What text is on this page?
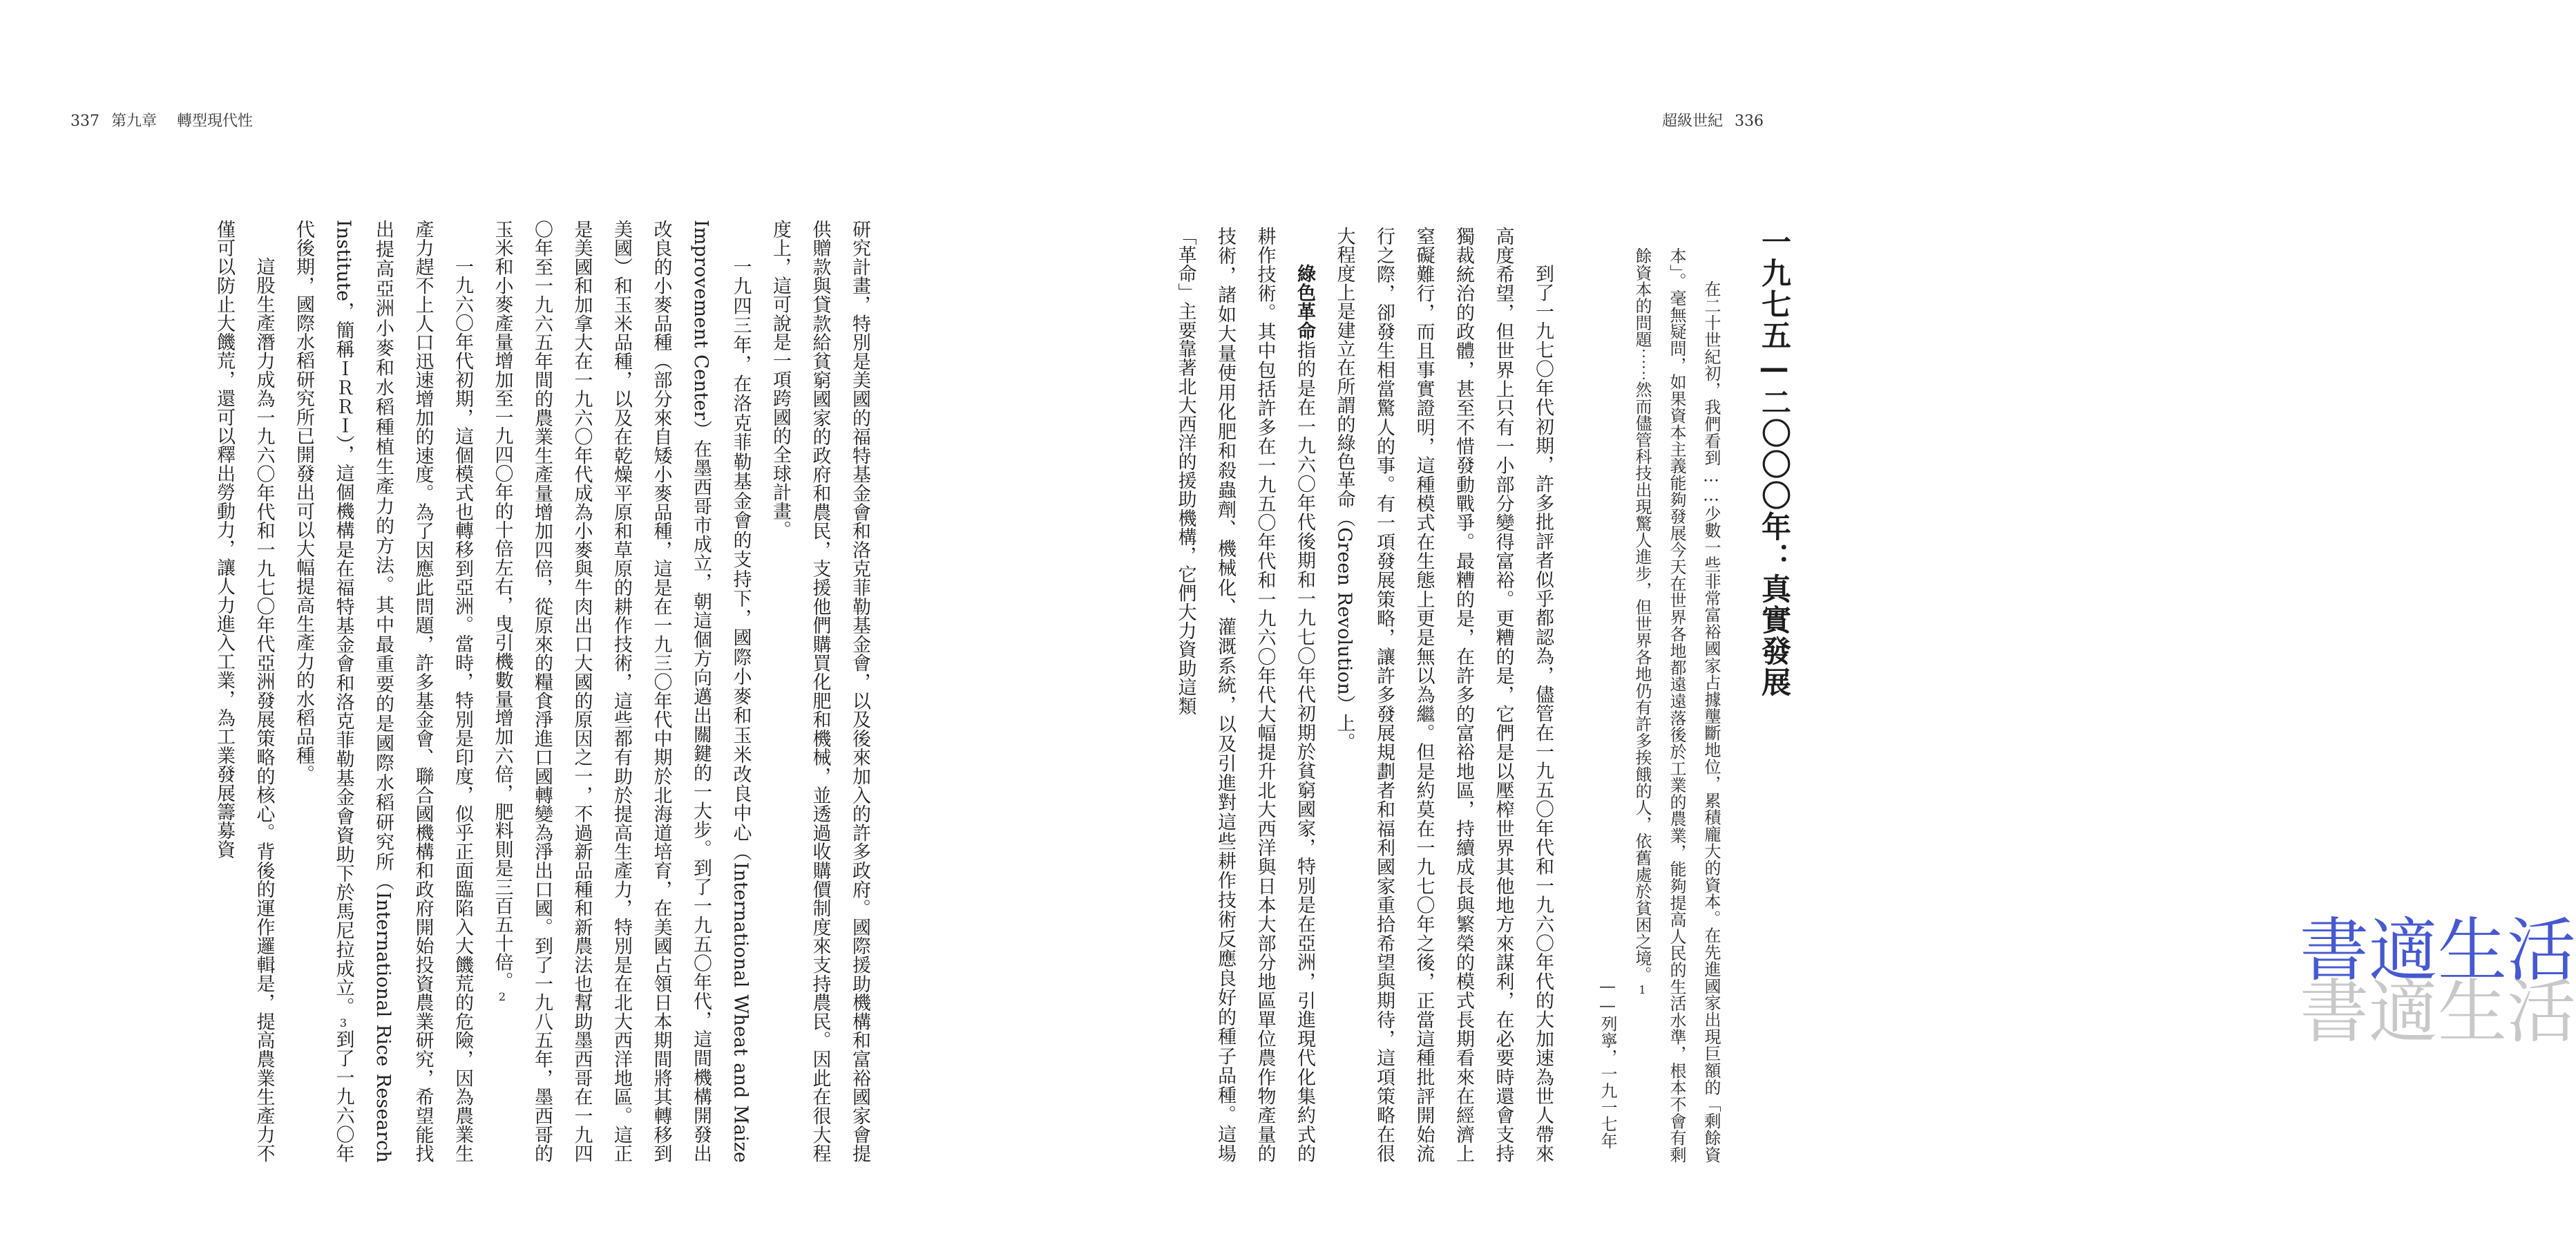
337 第九章 轉型現代性

研究計畫，特別是美國的福特基金會和洛克菲勒基金會，以及後來加入的許多政府。國際援助機構和富裕國家會提供贈款與貸款給貧窮國家的政府和農民，支援他們購買化肥和機械，並透過收購價制度來支持農民。因此在很大程度上，這可說是一項跨國的全球計畫。

一九四三年，在洛克菲勒基金會的支持下，國際小麥和玉米改良中心（International Wheat and Maize Improvement Center）在墨西哥市成立，朝這個方向邁出關鍵的一大步。到了一九五〇年代，這間機構開發出改良的小麥品種（部分來自矮小麥品種，這是在一九三〇年代中期於北海道培育，在美國占領日本期間將其轉移到美國）和玉米品種，以及在乾燥平原和草原的耕作技術，這些都有助於提高生產力，特別是在北大西洋地區。這正是美國和加拿大在一九六〇年代成為小麥與牛肉出口大國的原因之一，不過新品種和新農法也幫助墨西哥在一九四〇年至一九六五年間的農業生產量增加四倍，從原來的糧食淨進口國轉變為淨出口國。到了一九八五年，墨西哥的玉米和小麥產量增加至一九四〇年的十倍左右，曳引機數量增加六倍，肥料則是三百五十倍。2

一九六〇年代初期，這個模式也轉移到亞洲。當時，特別是印度，似乎正面臨陷入大饑荒的危險，因為農業生產力趕不上人口迅速增加的速度。為了因應此問題，許多基金會、聯合國機構和政府開始投資農業研究，希望能找出提高亞洲小麥和水稻種植生產力的方法。其中最重要的是國際水稻研究所（International Rice Research Institute，簡稱ＩＲＲＩ），這個機構是在福特基金會和洛克菲勒基金會資助下於馬尼拉成立。3到了一九六〇年代後期，國際水稻研究所已開發出可以大幅提高生產力的水稻品種。

這股生產潛力成為一九六〇年代和一九七〇年代亞洲發展策略的核心。背後的運作邏輯是，提高農業生產力不僅可以防止大饑荒，還可以釋出勞動力，讓人力進入工業，為工業發展籌募資

超級世紀 336
一九七五—二〇〇〇年：真實發展

在二十世紀初，我們看到……少數一些非常富裕國家占據壟斷地位，累積龐大的資本。在先進國家出現巨額的「剩餘資本」。毫無疑問，如果資本主義能夠發展今天在世界各地都遠遠落後於工業的農業，能夠提高人民的生活水準，根本不會有剩餘資本的問題⋯⋯然而儘管科技出現驚人進步，但世界各地仍有許多挨餓的人，依舊處於貧困之境。1

——列寧，一九一七年

到了一九七〇年代初期，許多批評者似乎都認為，儘管在一九五〇年代和一九六〇年代的大加速為世人帶來高度希望，但世界上只有一小部分變得富裕。更糟的是，它們是以壓榨世界其他地方來謀利，在必要時還會支持獨裁統治的政體，甚至不惜發動戰爭。最糟的是，在許多的富裕地區，持續成長與繁榮的模式長期看來在經濟上窒礙難行，而且事實證明，這種模式在生態上更是無以為繼。但是約莫在一九七〇年之後，正當這種批評開始流行之際，卻發生相當驚人的事。有一項發展策略，讓許多發展規劃者和福利國家重拾希望與期待，這項策略在很大程度上是建立在所謂的綠色革命（Green Revolution）上。

綠色革命指的是在一九六〇年代後期和一九七〇年代初期於貧窮國家，特別是在亞洲，引進現代化集約式的耕作技術。其中包括許多在一九五〇年代和一九六〇年代大幅提升北大西洋與日本大部分地區單位農作物產量的技術，諸如大量使用化肥和殺蟲劑、機械化、灌溉系統，以及引進對這些耕作技術反應良好的種子品種。這場「革命」主要靠著北大西洋的援助機構，它們大力資助這類

書適生活
書適生活
